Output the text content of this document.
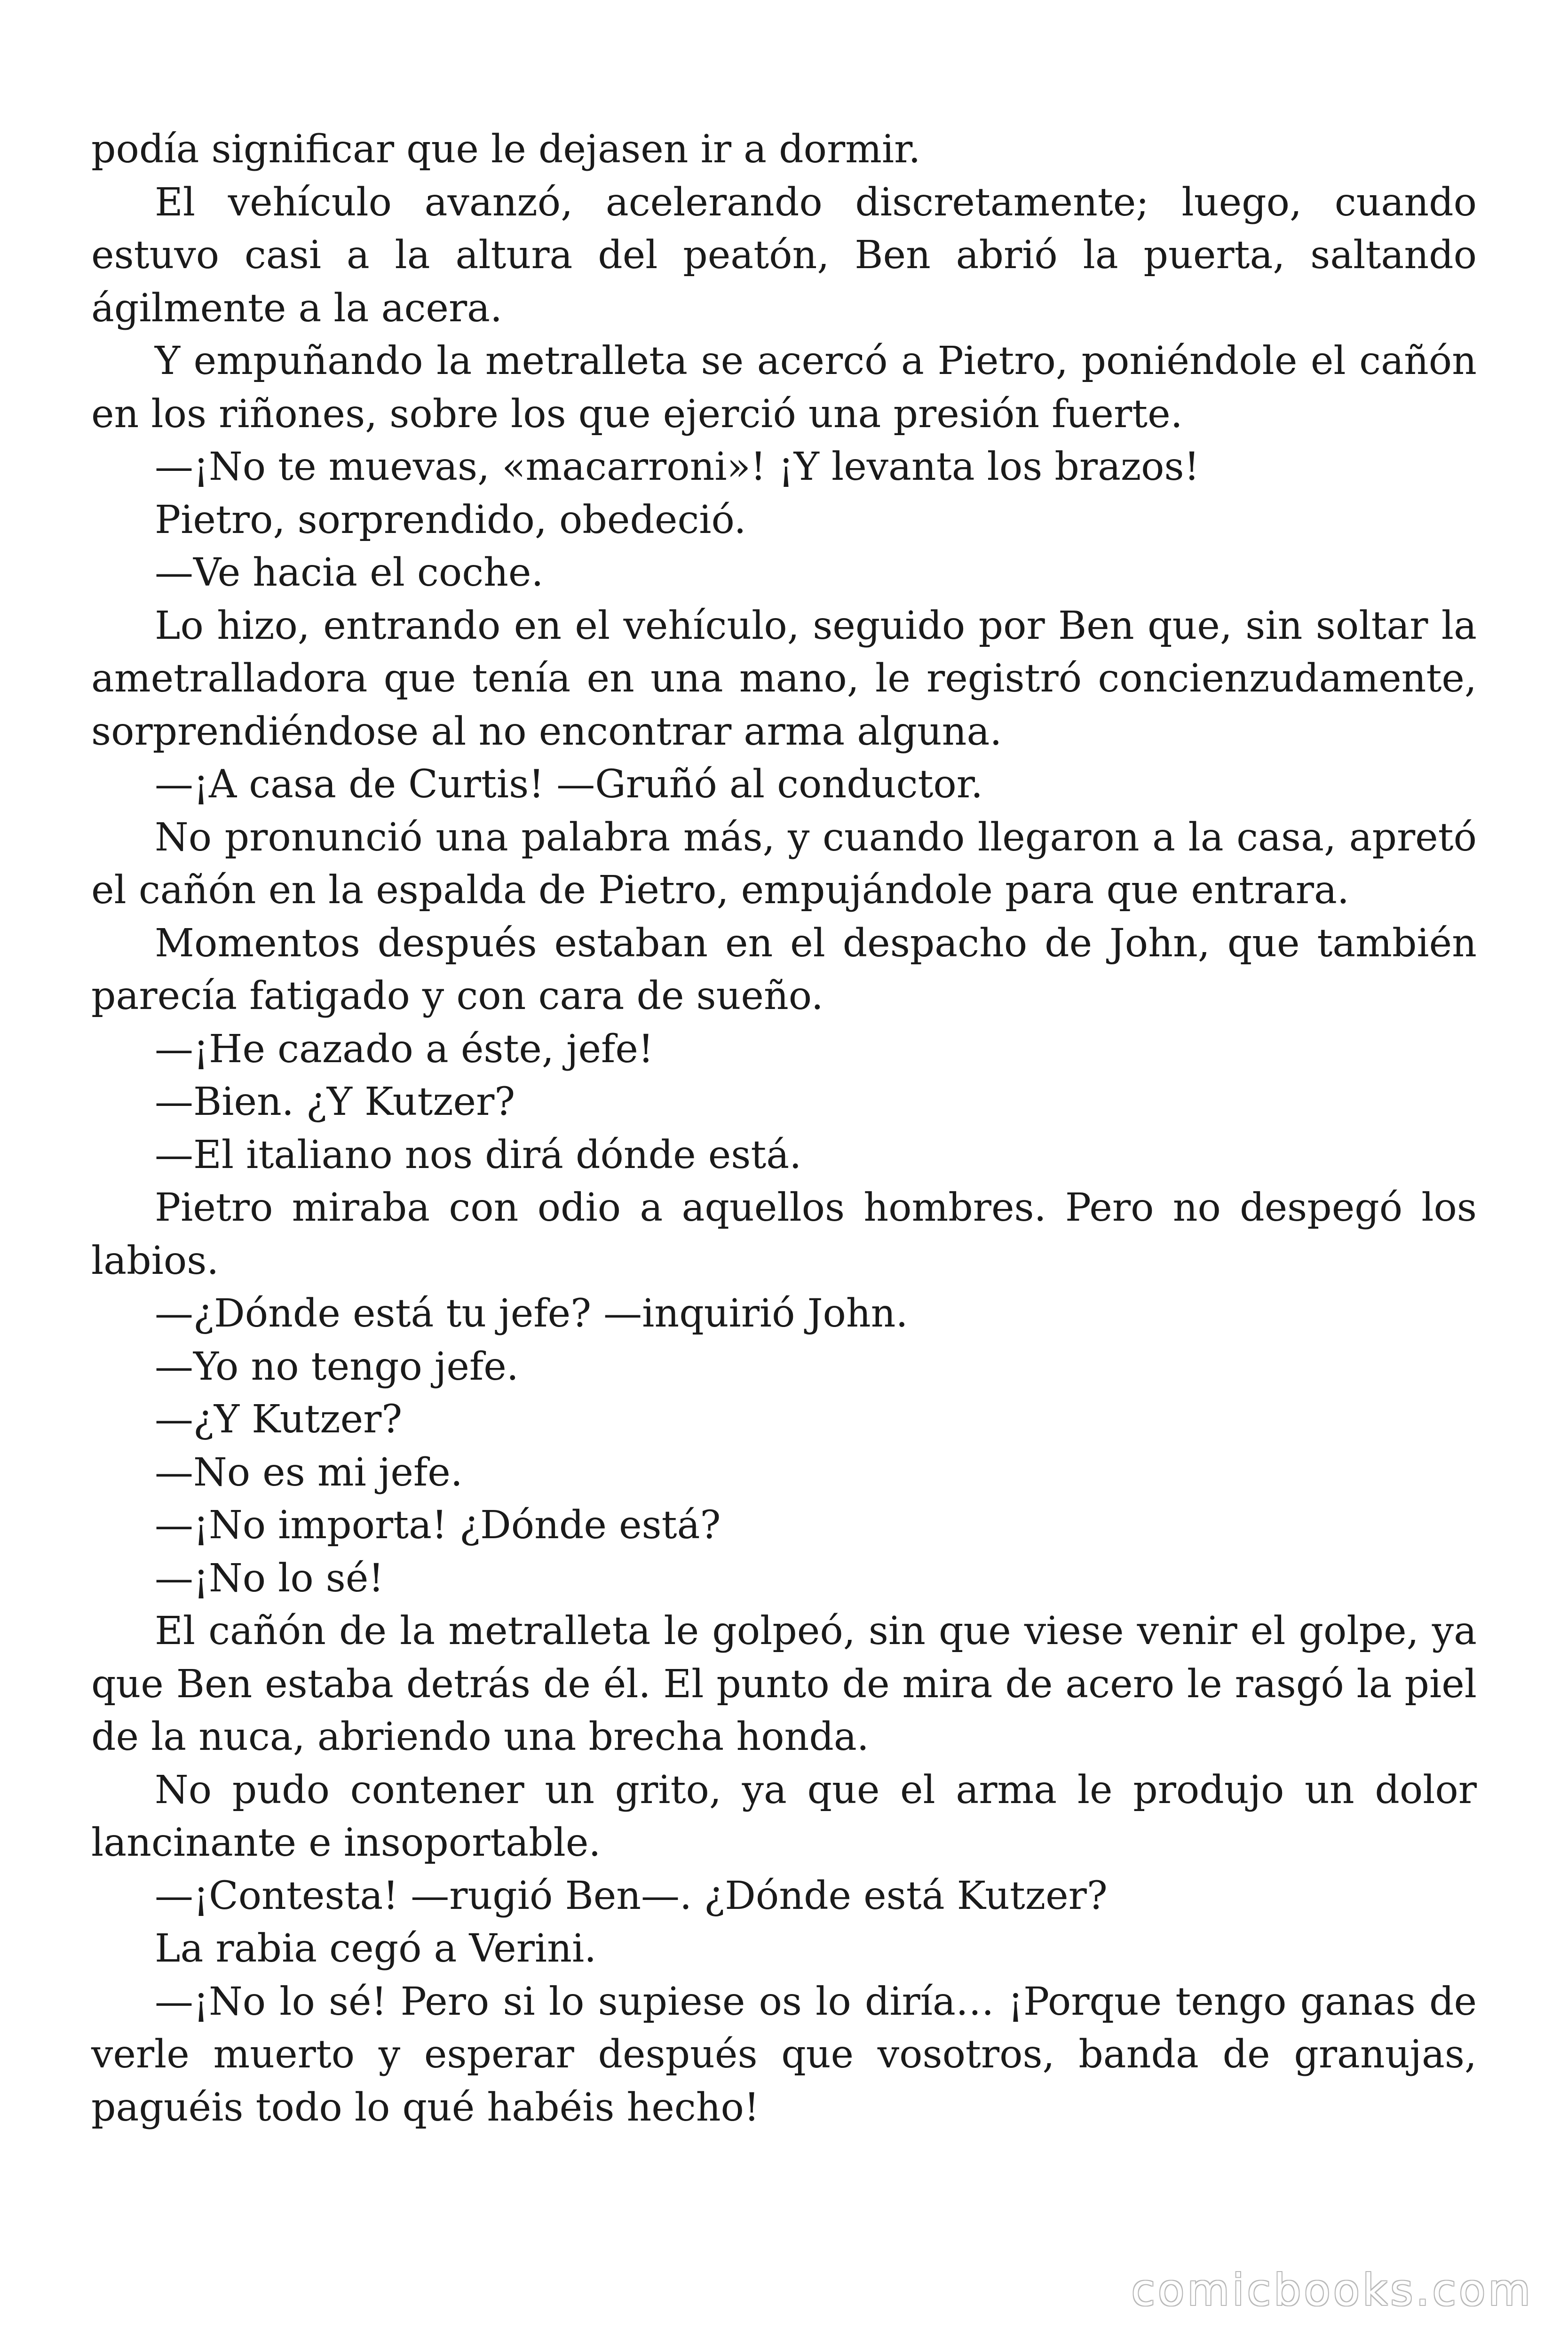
podía significar que le dejasen ir a dormir.

El vehículo avanzó, acelerando discretamente; luego, cuando estuvo casi a la altura del peatón, Ben abrió la puerta, saltando ágilmente a la acera.

Y empuñando la metralleta se acercó a Pietro, poniéndole el cañón en los riñones, sobre los que ejerció una presión fuerte.

—¡No te muevas, «macarroni»! ¡Y levanta los brazos!

Pietro, sorprendido, obedeció.

—Ve hacia el coche.

Lo hizo, entrando en el vehículo, seguido por Ben que, sin soltar la ametralladora que tenía en una mano, le registró concienzudamente, sorprendiéndose al no encontrar arma alguna.

—¡A casa de Curtis! —Gruñó al conductor.

No pronunció una palabra más, y cuando llegaron a la casa, apretó el cañón en la espalda de Pietro, empujándole para que entrara.

Momentos después estaban en el despacho de John, que también parecía fatigado y con cara de sueño.

—¡He cazado a éste, jefe!

—Bien. ¿Y Kutzer?

—El italiano nos dirá dónde está.

Pietro miraba con odio a aquellos hombres. Pero no despegó los labios.

—¿Dónde está tu jefe? —inquirió John.

—Yo no tengo jefe.

—¿Y Kutzer?

—No es mi jefe.

—¡No importa! ¿Dónde está?

—¡No lo sé!

El cañón de la metralleta le golpeó, sin que viese venir el golpe, ya que Ben estaba detrás de él. El punto de mira de acero le rasgó la piel de la nuca, abriendo una brecha honda.

No pudo contener un grito, ya que el arma le produjo un dolor lancinante e insoportable.

—¡Contesta! —rugió Ben—. ¿Dónde está Kutzer?

La rabia cegó a Verini.

—¡No lo sé! Pero si lo supiese os lo diría… ¡Porque tengo ganas de verle muerto y esperar después que vosotros, banda de granujas, paguéis todo lo qué habéis hecho!

comicbooks.com
